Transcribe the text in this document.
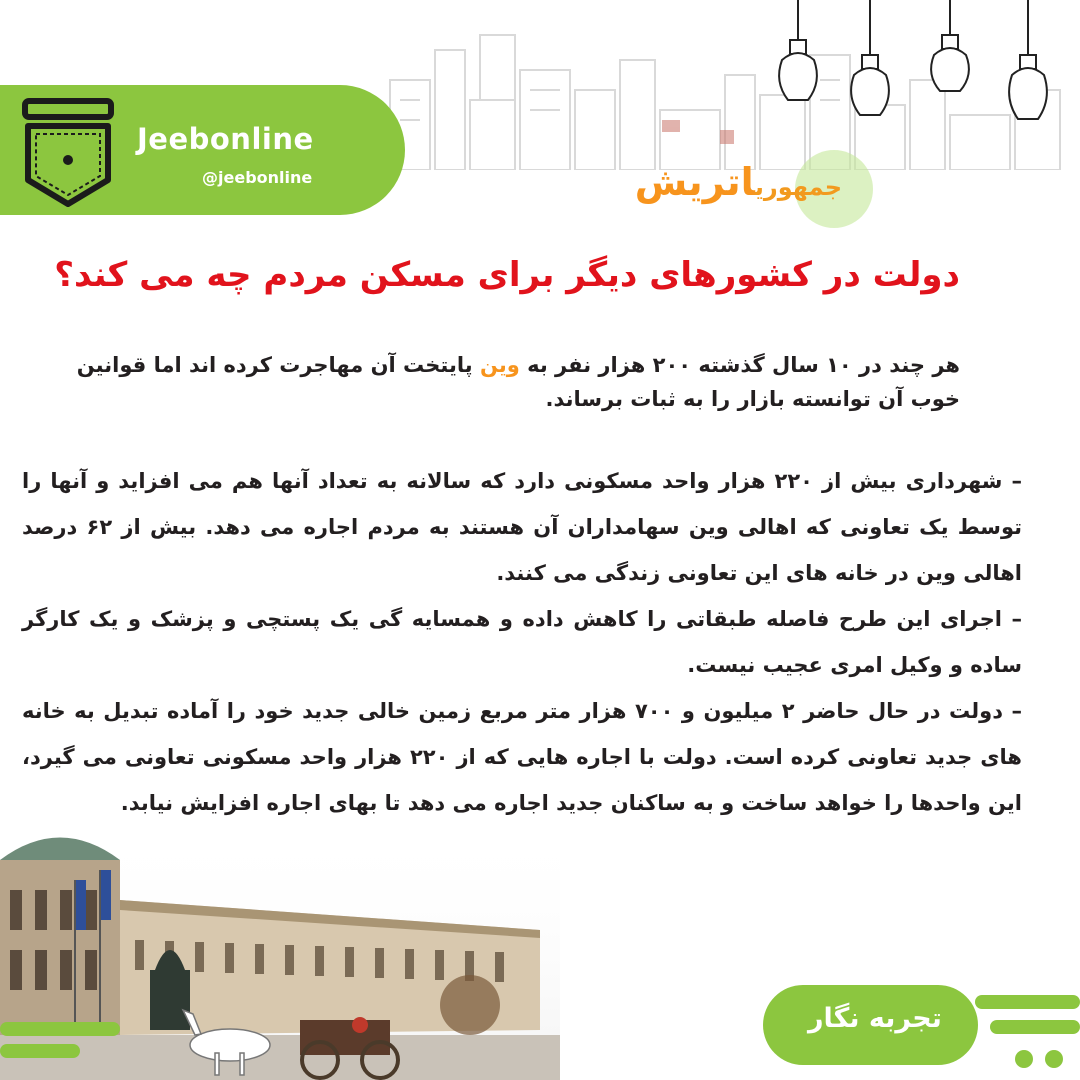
Jeebonline
@jeebonline	جمهوریاتریش
دولت در کشورهای دیگر برای مسکن مردم چه می کند؟
هر چند در ۱۰ سال گذشته ۲۰۰ هزار نفر به وین پایتخت آن مهاجرت کرده اند اما قوانین خوب آن توانسته بازار را به ثبات برساند.

– شهرداری بیش از ۲۲۰ هزار واحد مسکونی دارد که سالانه به تعداد آنها هم می افزاید و آنها را توسط یک تعاونی که اهالی وین سهامداران آن هستند به مردم اجاره می دهد. بیش از ۶۲ درصد اهالی وین در خانه های این تعاونی زندگی می کنند.

– اجرای این طرح فاصله طبقاتی را کاهش داده و همسایه گی یک پستچی و پزشک و یک کارگر ساده و وکیل امری عجیب نیست.

– دولت در حال حاضر ۲ میلیون و ۷۰۰ هزار متر مربع زمین خالی جدید خود را آماده تبدیل به خانه های جدید تعاونی کرده است. دولت با اجاره هایی که از ۲۲۰ هزار واحد مسکونی تعاونی می گیرد، این واحدها را خواهد ساخت و به ساکنان جدید اجاره می دهد تا بهای اجاره افزایش نیابد.

تجربه نگار
